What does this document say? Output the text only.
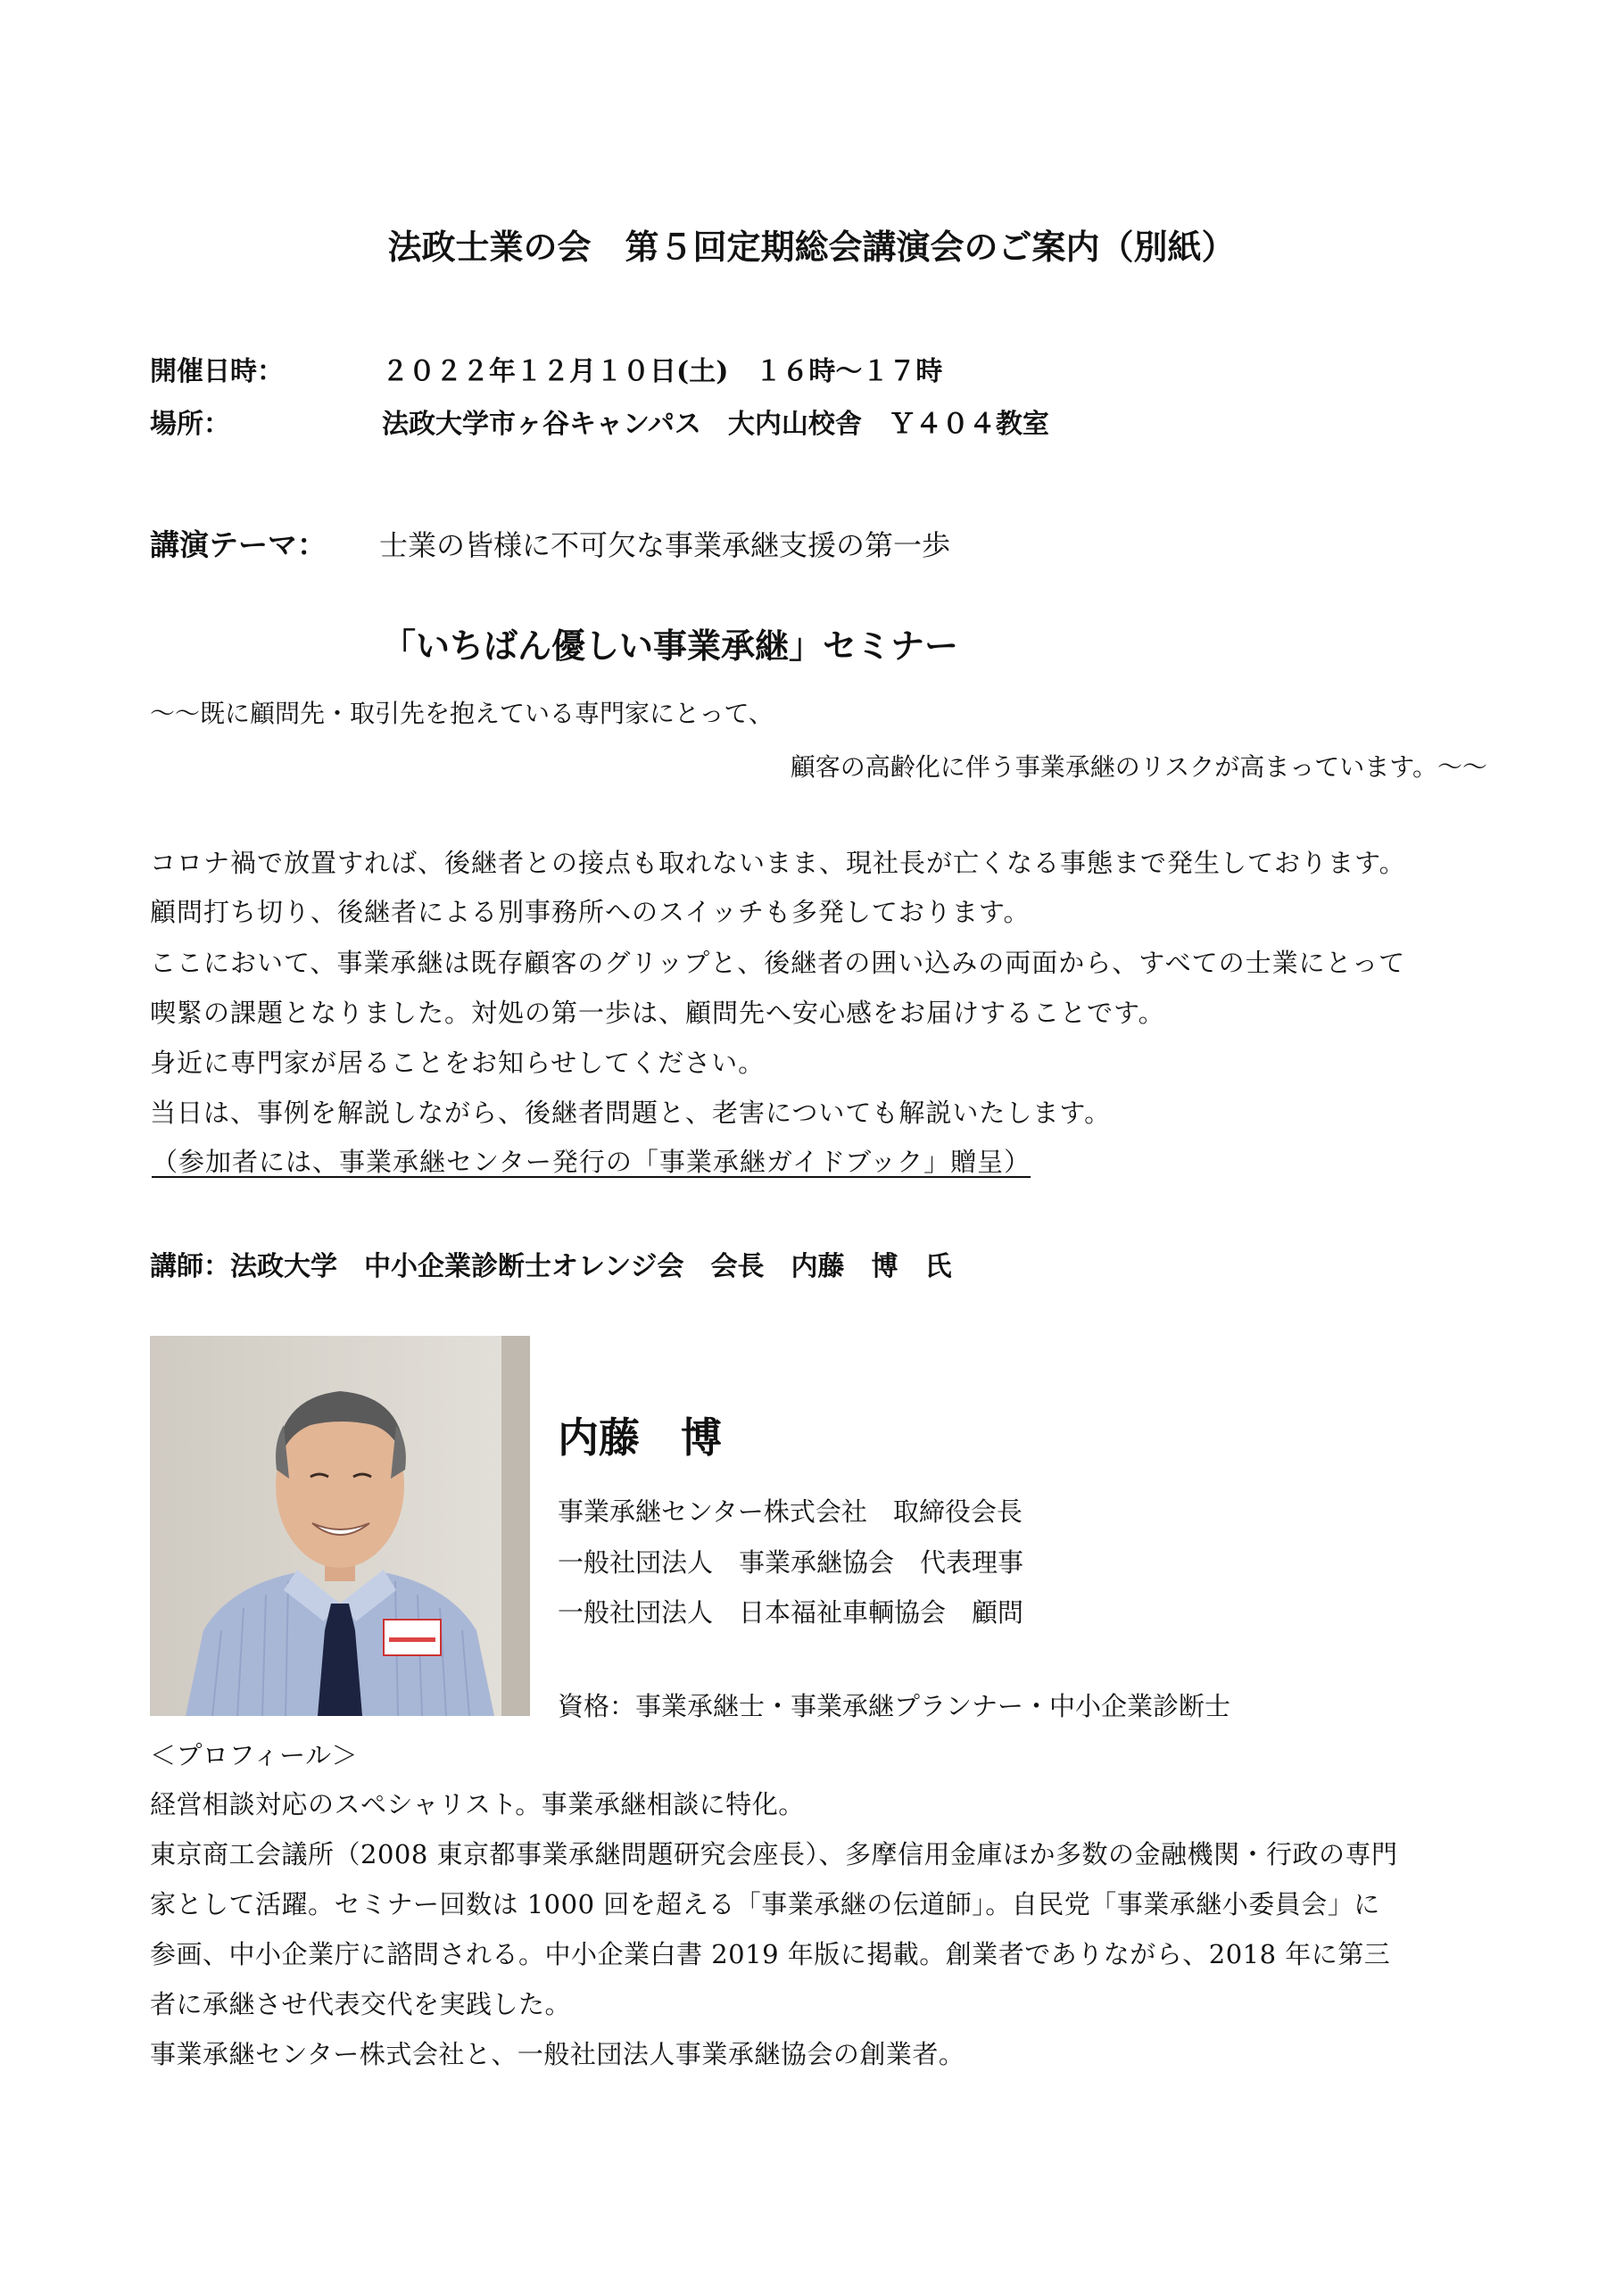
法政士業の会　第５回定期総会講演会のご案内（別紙）
開催日時：	２０２２年１２月１０日(土)　１６時～１７時
場所：	法政大学市ヶ谷キャンパス　大内山校舎　Ｙ４０４教室
講演テーマ： 士業の皆様に不可欠な事業承継支援の第一歩
「いちばん優しい事業承継」セミナー
～～既に顧問先・取引先を抱えている専門家にとって、
顧客の高齢化に伴う事業承継のリスクが高まっています。～～
コロナ禍で放置すれば、後継者との接点も取れないまま、現社長が亡くなる事態まで発生しております。
顧問打ち切り、後継者による別事務所へのスイッチも多発しております。
ここにおいて、事業承継は既存顧客のグリップと、後継者の囲い込みの両面から、すべての士業にとって
喫緊の課題となりました。対処の第一歩は、顧問先へ安心感をお届けすることです。
身近に専門家が居ることをお知らせしてください。
当日は、事例を解説しながら、後継者問題と、老害についても解説いたします。
（参加者には、事業承継センター発行の「事業承継ガイドブック」贈呈）
講師：法政大学　中小企業診断士オレンジ会　会長　内藤　博　氏
内藤　博
事業承継センター株式会社　取締役会長
一般社団法人　事業承継協会　代表理事
一般社団法人　日本福祉車輌協会　顧問
資格：事業承継士・事業承継プランナー・中小企業診断士
＜プロフィール＞
経営相談対応のスペシャリスト。事業承継相談に特化。
東京商工会議所（2008 東京都事業承継問題研究会座長）、多摩信用金庫ほか多数の金融機関・行政の専門
家として活躍。セミナー回数は 1000 回を超える「事業承継の伝道師」。自民党「事業承継小委員会」に
参画、中小企業庁に諮問される。中小企業白書 2019 年版に掲載。創業者でありながら、2018 年に第三
者に承継させ代表交代を実践した。
事業承継センター株式会社と、一般社団法人事業承継協会の創業者。
